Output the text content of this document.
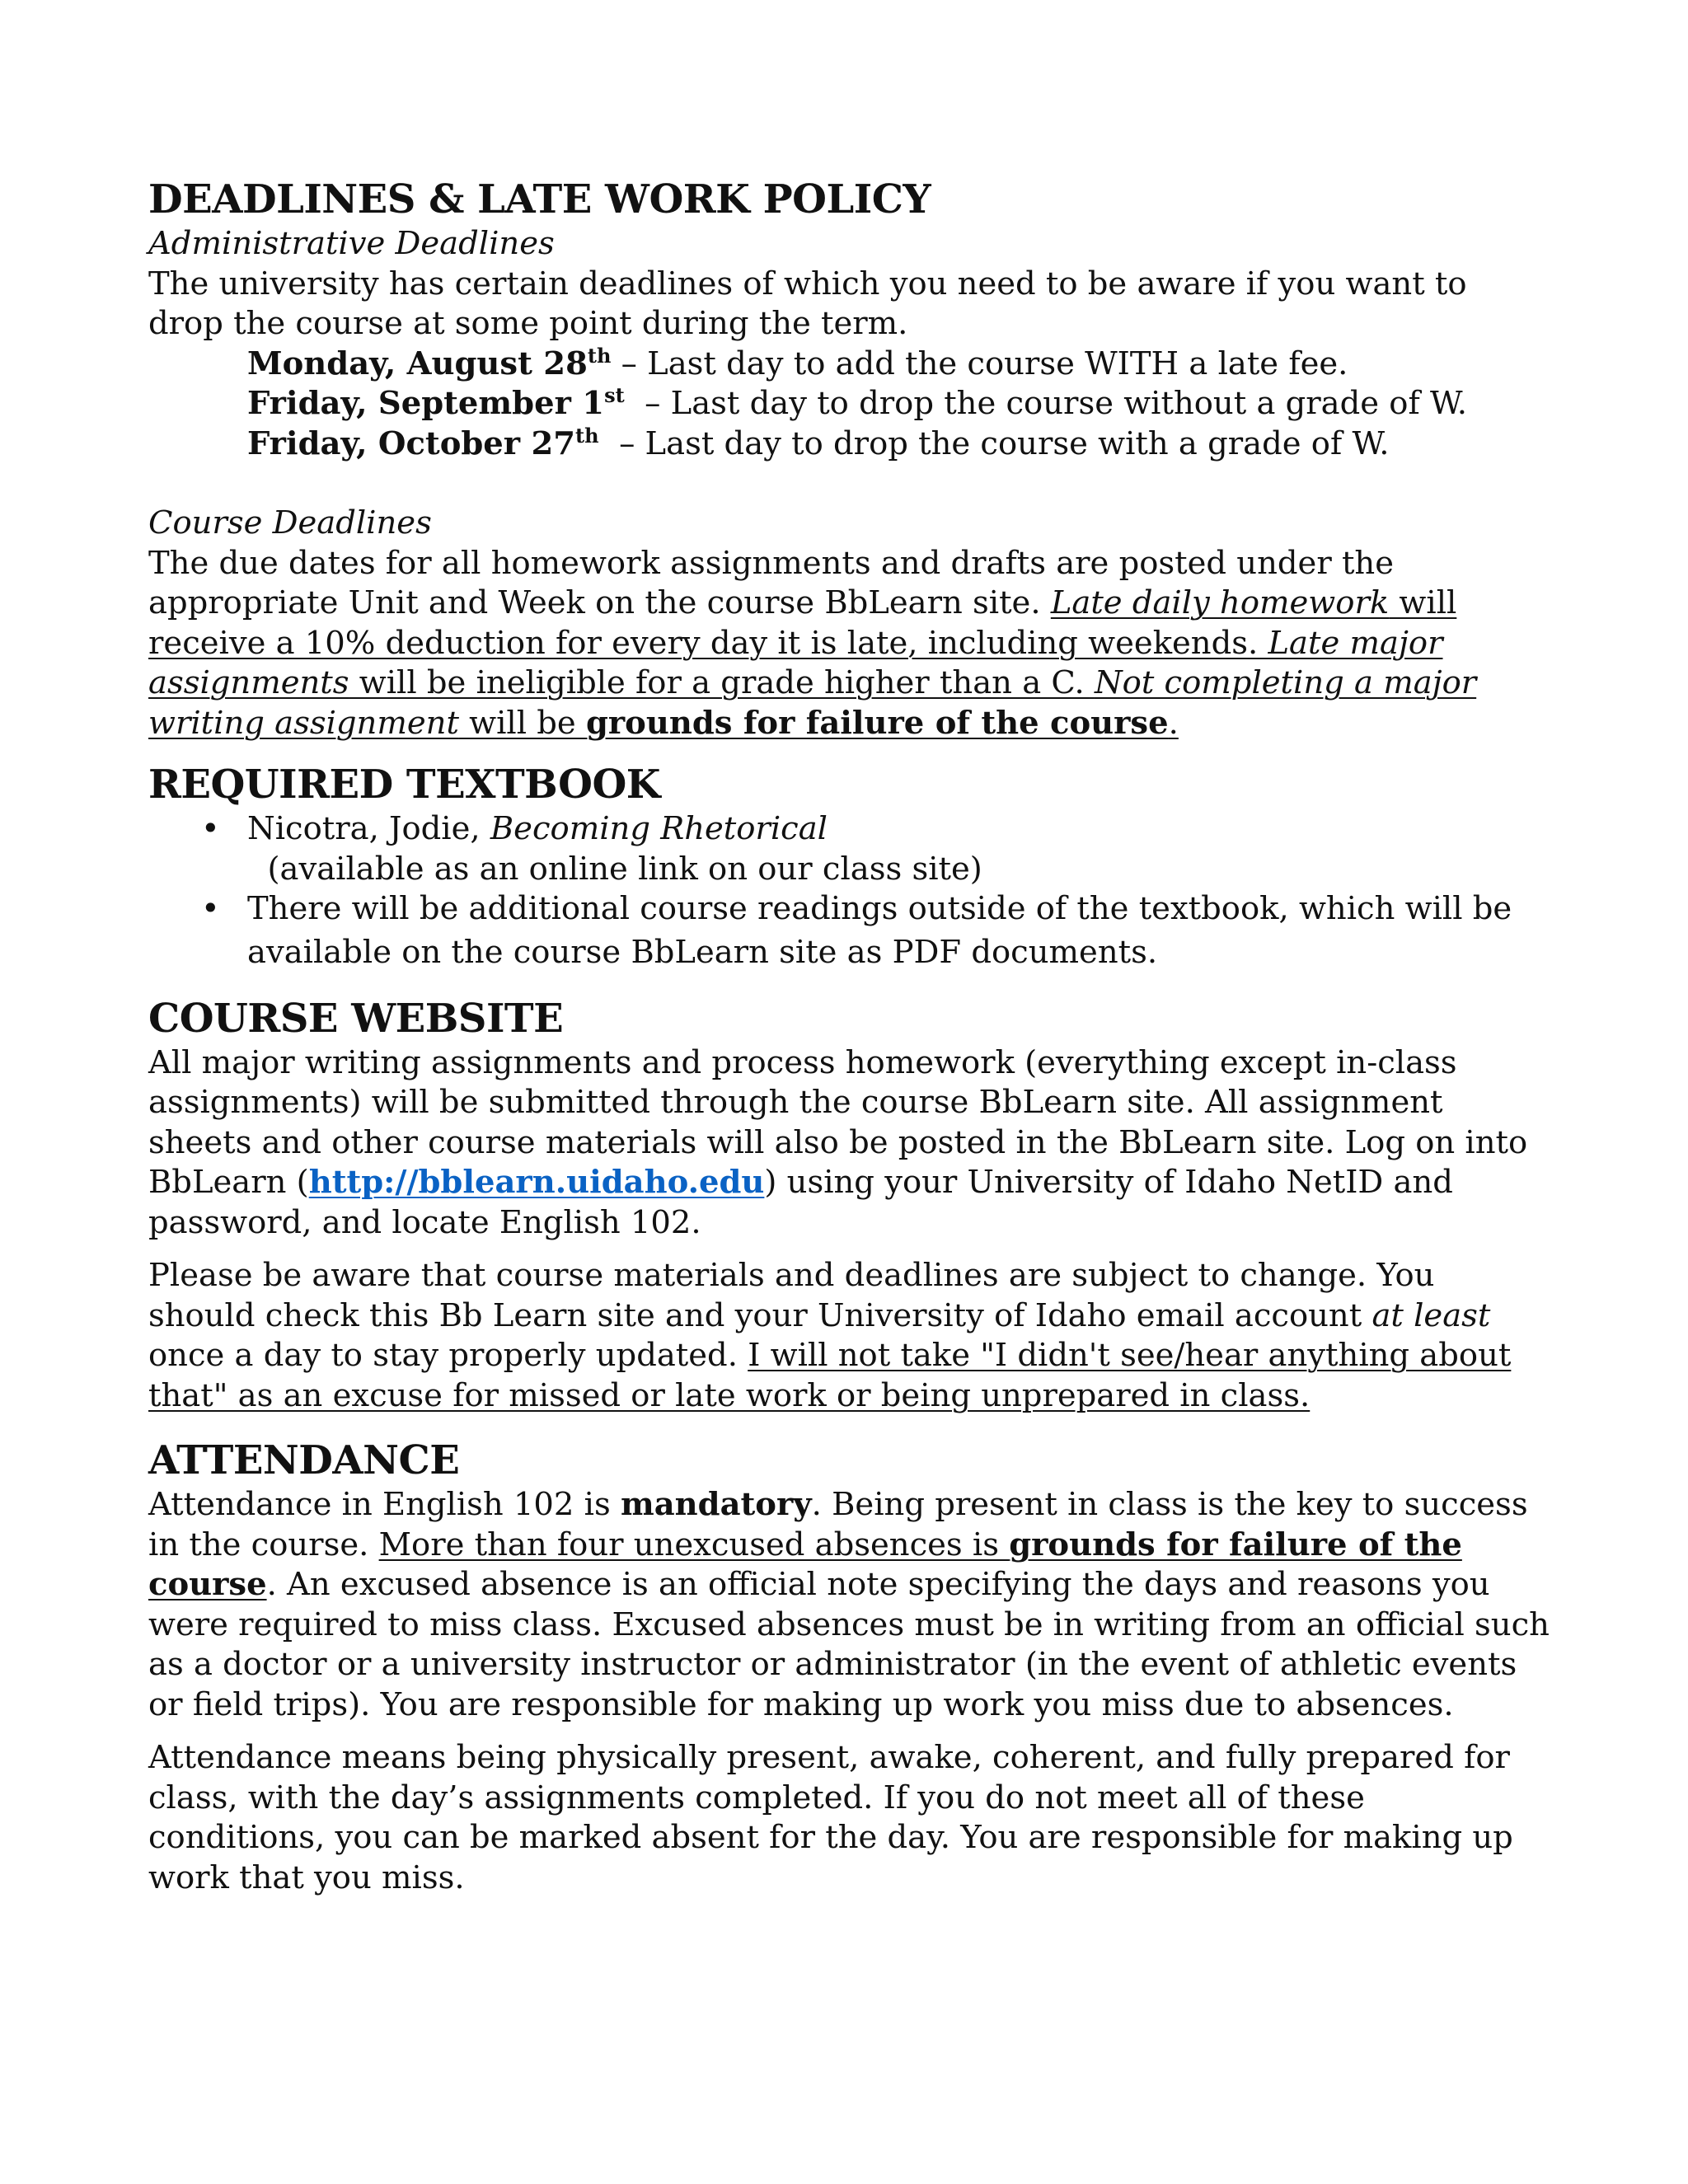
DEADLINES & LATE WORK POLICY
Administrative Deadlines

The university has certain deadlines of which you need to be aware if you want to drop the course at some point during the term.

Monday, August 28th – Last day to add the course WITH a late fee.
Friday, September 1st  – Last day to drop the course without a grade of W.
Friday, October 27th  – Last day to drop the course with a grade of W.
Course Deadlines

The due dates for all homework assignments and drafts are posted under the appropriate Unit and Week on the course BbLearn site. Late daily homework will receive a 10% deduction for every day it is late, including weekends. Late major assignments will be ineligible for a grade higher than a C. Not completing a major writing assignment will be grounds for failure of the course.

REQUIRED TEXTBOOK
• Nicotra, Jodie, Becoming Rhetorical  (available as an online link on our class site)
• There will be additional course readings outside of the textbook, which will be
available on the course BbLearn site as PDF documents.
COURSE WEBSITE

All major writing assignments and process homework (everything except in-class assignments) will be submitted through the course BbLearn site. All assignment sheets and other course materials will also be posted in the BbLearn site. Log on into BbLearn (http://bblearn.uidaho.edu) using your University of Idaho NetID and password, and locate English 102.

Please be aware that course materials and deadlines are subject to change. You should check this Bb Learn site and your University of Idaho email account at least once a day to stay properly updated. I will not take "I didn't see/hear anything about that" as an excuse for missed or late work or being unprepared in class.

ATTENDANCE

Attendance in English 102 is mandatory. Being present in class is the key to success in the course. More than four unexcused absences is grounds for failure of the course. An excused absence is an official note specifying the days and reasons you were required to miss class. Excused absences must be in writing from an official such as a doctor or a university instructor or administrator (in the event of athletic events or field trips). You are responsible for making up work you miss due to absences.

Attendance means being physically present, awake, coherent, and fully prepared for class, with the day’s assignments completed. If you do not meet all of these conditions, you can be marked absent for the day. You are responsible for making up work that you miss.
